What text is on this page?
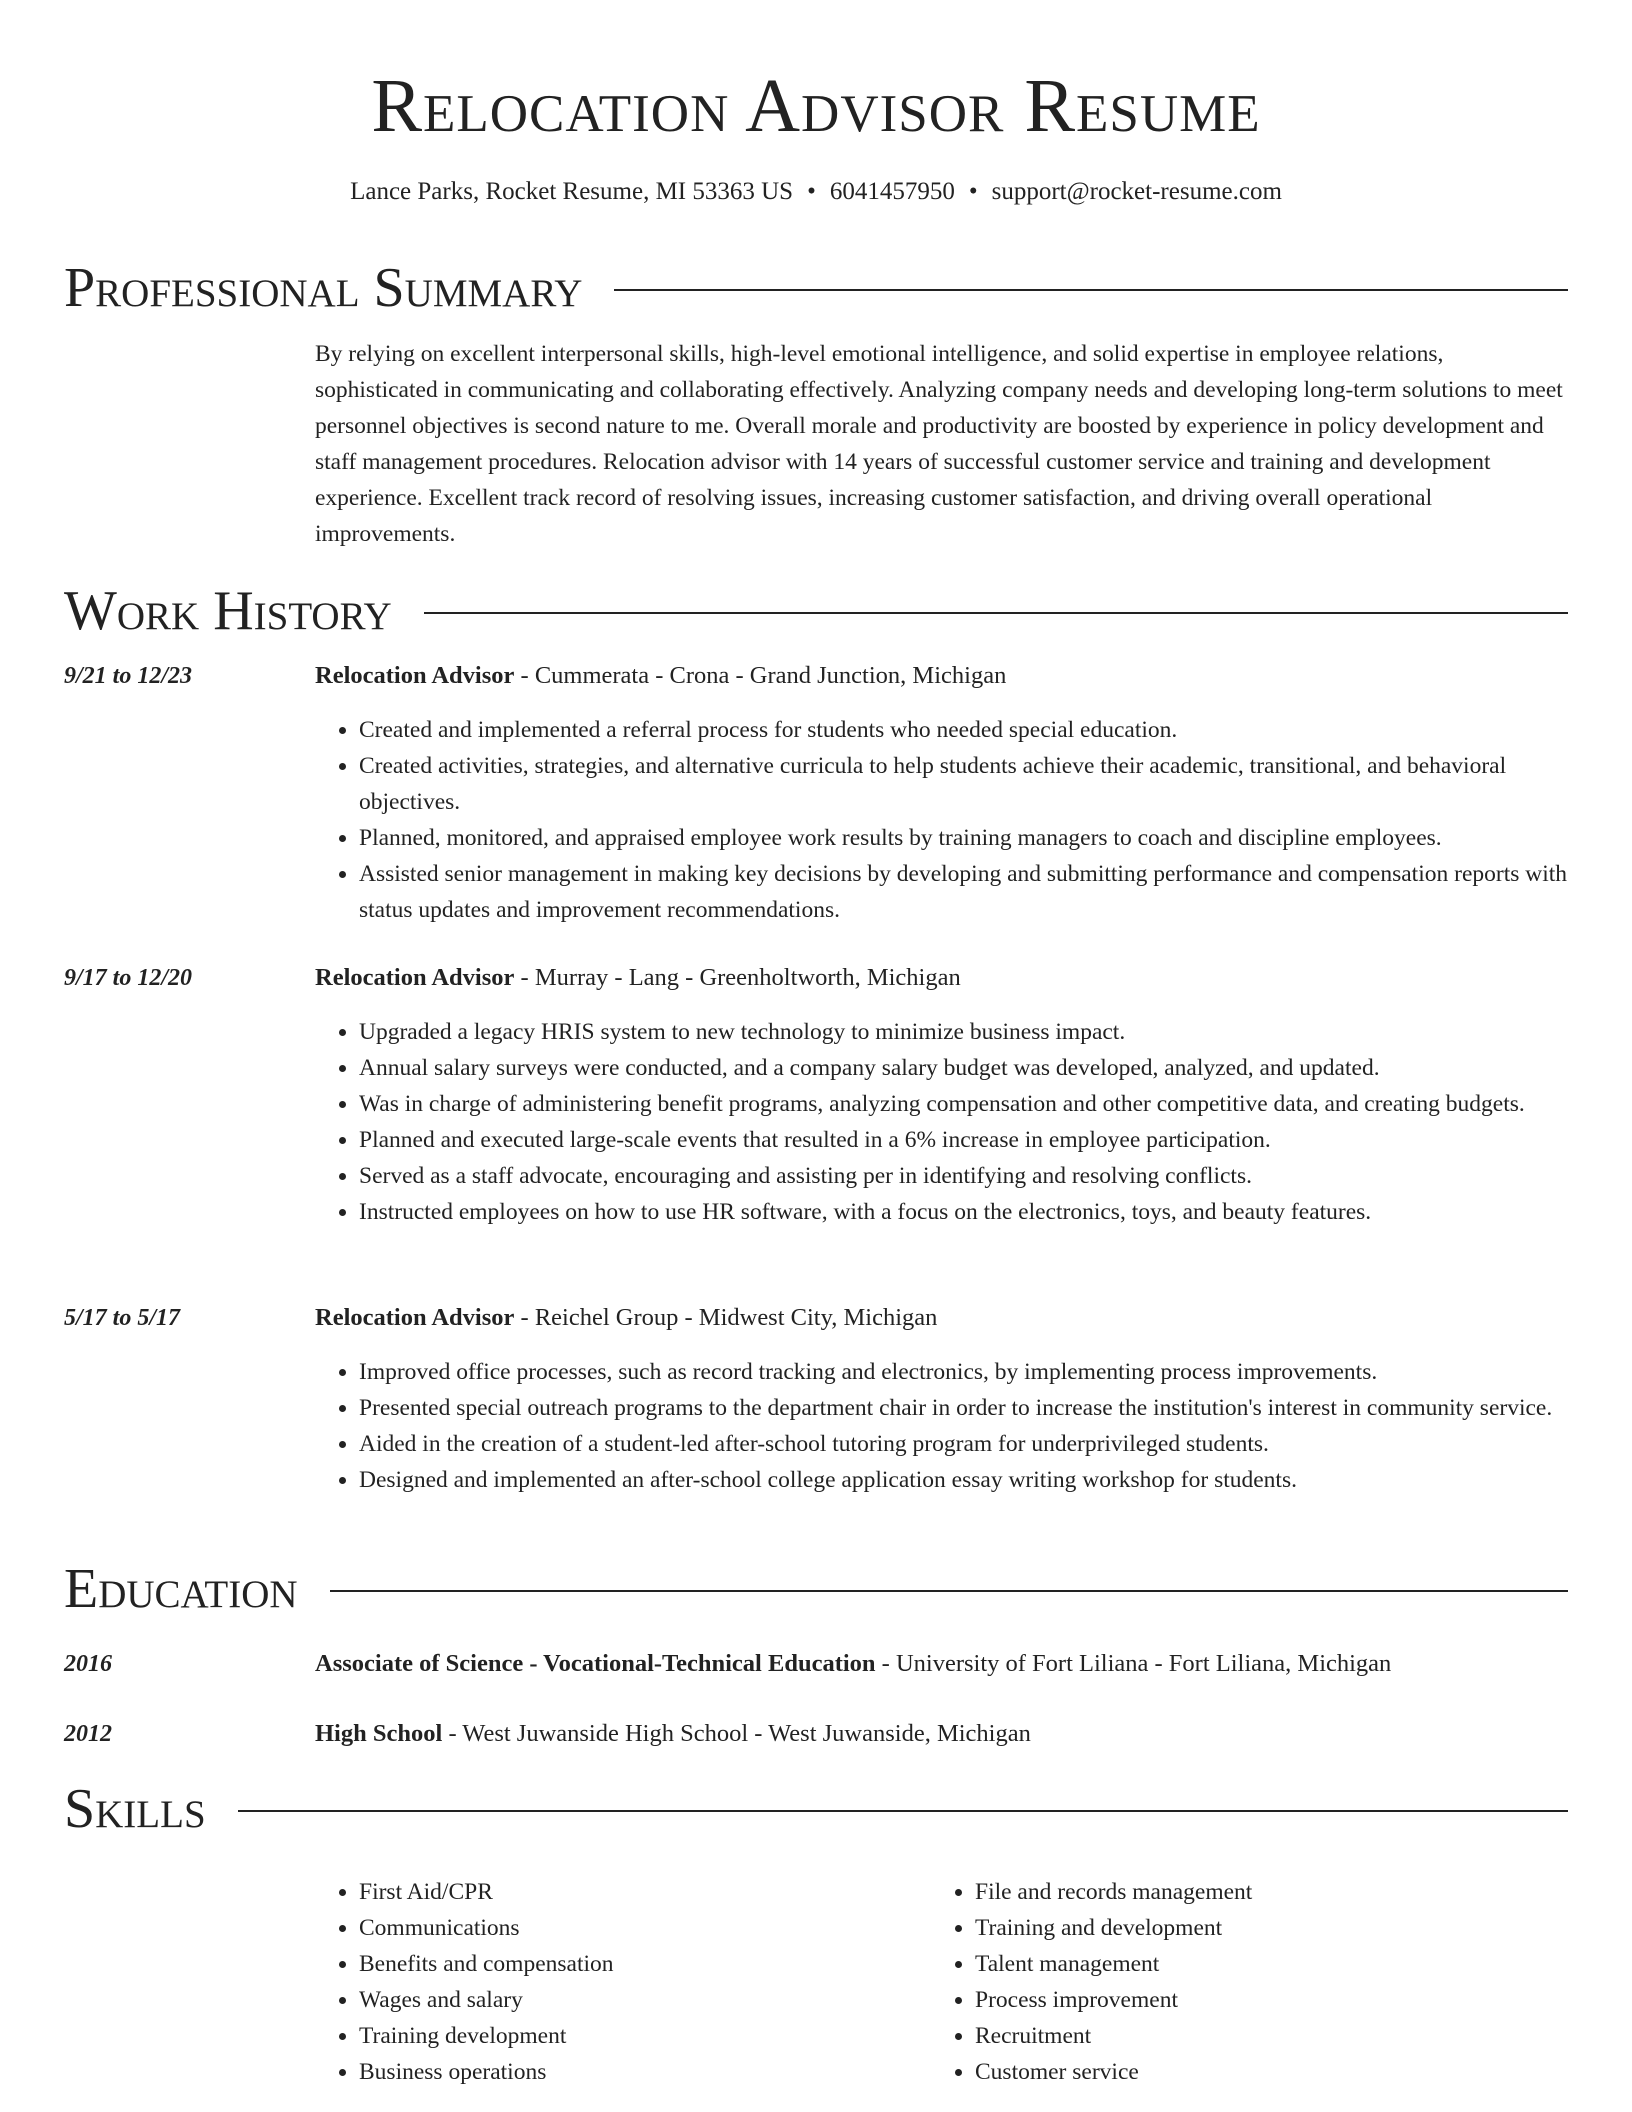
Relocation Advisor Resume
Lance Parks, Rocket Resume, MI 53363 US • 6041457950 • support@rocket-resume.com
Professional Summary
By relying on excellent interpersonal skills, high-level emotional intelligence, and solid expertise in employee relations, sophisticated in communicating and collaborating effectively. Analyzing company needs and developing long-term solutions to meet personnel objectives is second nature to me. Overall morale and productivity are boosted by experience in policy development and staff management procedures. Relocation advisor with 14 years of successful customer service and training and development experience. Excellent track record of resolving issues, increasing customer satisfaction, and driving overall operational improvements.
Work History
9/21 to 12/23	Relocation Advisor - Cummerata - Crona - Grand Junction, Michigan
• Created and implemented a referral process for students who needed special education.
• Created activities, strategies, and alternative curricula to help students achieve their academic, transitional, and behavioral objectives.
• Planned, monitored, and appraised employee work results by training managers to coach and discipline employees.
• Assisted senior management in making key decisions by developing and submitting performance and compensation reports with status updates and improvement recommendations.
9/17 to 12/20	Relocation Advisor - Murray - Lang - Greenholtworth, Michigan
• Upgraded a legacy HRIS system to new technology to minimize business impact.
• Annual salary surveys were conducted, and a company salary budget was developed, analyzed, and updated.
• Was in charge of administering benefit programs, analyzing compensation and other competitive data, and creating budgets.
• Planned and executed large-scale events that resulted in a 6% increase in employee participation.
• Served as a staff advocate, encouraging and assisting per in identifying and resolving conflicts.
• Instructed employees on how to use HR software, with a focus on the electronics, toys, and beauty features.
5/17 to 5/17	Relocation Advisor - Reichel Group - Midwest City, Michigan
• Improved office processes, such as record tracking and electronics, by implementing process improvements.
• Presented special outreach programs to the department chair in order to increase the institution's interest in community service.
• Aided in the creation of a student-led after-school tutoring program for underprivileged students.
• Designed and implemented an after-school college application essay writing workshop for students.
Education
2016	Associate of Science - Vocational-Technical Education - University of Fort Liliana - Fort Liliana, Michigan
2012	High School - West Juwanside High School - West Juwanside, Michigan
Skills
• First Aid/CPR
• Communications
• Benefits and compensation
• Wages and salary
• Training development
• Business operations
• File and records management
• Training and development
• Talent management
• Process improvement
• Recruitment
• Customer service
